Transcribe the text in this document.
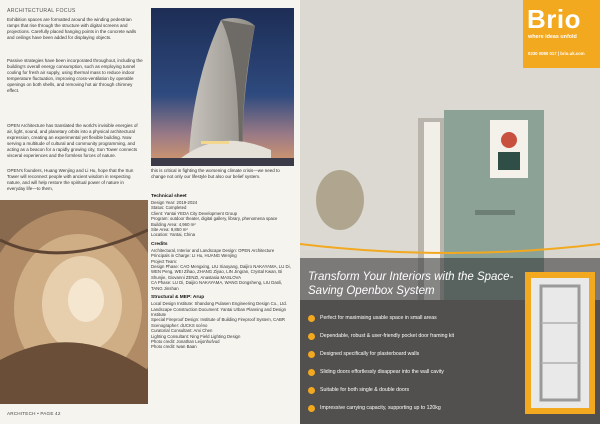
ARCHITECTURAL FOCUS

Exhibition spaces are formatted around the winding pedestrian ramps that rise through the structure with digital screens and projections. Carefully placed hanging points in the concrete walls and ceilings have been added for displaying objects.

Passive strategies have been incorporated throughout, including the building's overall energy consumption, such as employing tunnel cooling for fresh air supply, using thermal mass to reduce indoor temperature fluctuation, improving cross-ventilation by operable openings on both shells, and removing hot air through chimney effect.

OPEN Architecture has translated the world's invisible energies of air, light, sound, and planetary orbits into a physical architectural expression, creating an experimental yet flexible building. Now serving a multitude of cultural and community programming, and acting as a beacon for a rapidly growing city, Sun Tower connects visceral experiences and the formless forces of nature.

OPEN's founders, Huang Wenjing and Li Hu, hope that the Sun Tower will reconnect people with ancient wisdom in respecting nature, and will help restore the spiritual power of nature in everyday life—to them,

this is critical in fighting the worsening climate crisis—we need to change not only our lifestyle but also our belief system.

Technical sheet
Design Year: 2019-2024
Status: Completed
Client: Yantai YEDA City Development Group
Program: outdoor theater, digital gallery, library, phenomena space
Building Area: 4,960 m²
Site Area: 9,850 m²
Location: Yantai, China
Credits
Architectural, Interior and Landscape Design: OPEN Architecture
Principals in Charge: LI Hu, HUANG Wenjing
Project Team:
Design Phase: CAO Mengxing, LIU Xiaoyang, Daijiro NAKAYAMA, LU Di, WEN Peng, WEI Zihao, ZHANG Ziyao, LIN Jingran, Crystal Kwan, Bi Shunjie, Giovanni ZENZI, Anastasia MASLOVA
CA Phase: LU Di, Daijiro NAKAYAMA, WANG Dongsheng, LIU Danli, TANG Jinshan
Structural & MEP: Arup
Local Design Institute: Shandong Pulasen Engineering Design Co., Ltd.
Landscape Construction Document: Yantai Urban Planning and Design Institute
Special Fireproof Design: Institute of Building Fireproof System, CABR
Scenographer: dUCKS scéno
Curatorial Consultant: Ami Chen
Lighting Consultant: Ning Field Lighting Design
Photo credit: Jonathan Leijonhufvud
Photo credit: Iwan Baan
ARCHITECH • PAGE 42
Brio
where ideas unfold
0330 0080 017 | brio.uk.com

Transform Your Interiors with the Space-Saving Openbox System

Perfect for maximising usable space in small areas
Dependable, robust & user-friendly pocket door framing kit
Designed specifically for plasterboard walls
Sliding doors effortlessly disappear into the wall cavity
Suitable for both single & double doors
Impressive carrying capacity, supporting up to 120kg
